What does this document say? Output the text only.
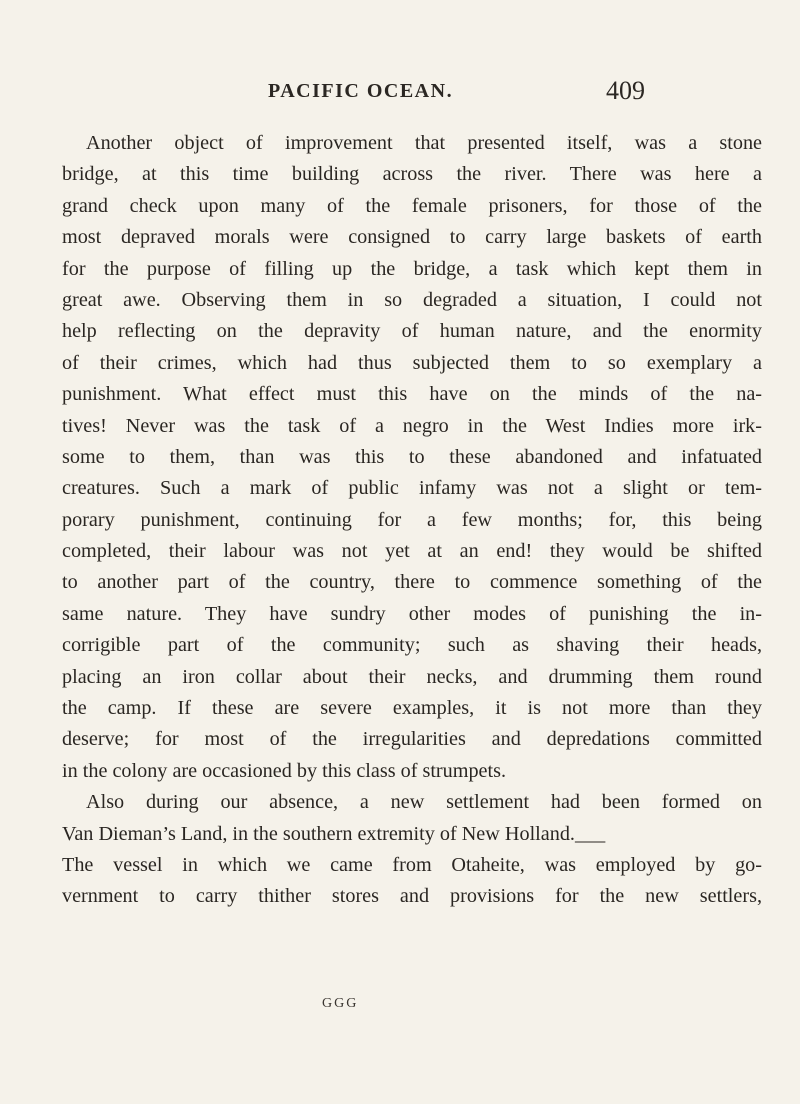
PACIFIC OCEAN.	409
Another object of improvement that presented itself, was a stone
bridge, at this time building across the river. There was here a
grand check upon many of the female prisoners, for those of the
most depraved morals were consigned to carry large baskets of earth
for the purpose of filling up the bridge, a task which kept them in
great awe. Observing them in so degraded a situation, I could not
help reflecting on the depravity of human nature, and the enormity
of their crimes, which had thus subjected them to so exemplary a
punishment. What effect must this have on the minds of the na-
tives! Never was the task of a negro in the West Indies more irk-
some to them, than was this to these abandoned and infatuated
creatures. Such a mark of public infamy was not a slight or tem-
porary punishment, continuing for a few months; for, this being
completed, their labour was not yet at an end! they would be shifted
to another part of the country, there to commence something of the
same nature. They have sundry other modes of punishing the in-
corrigible part of the community; such as shaving their heads,
placing an iron collar about their necks, and drumming them round
the camp. If these are severe examples, it is not more than they
deserve; for most of the irregularities and depredations committed
in the colony are occasioned by this class of strumpets.
Also during our absence, a new settlement had been formed on
Van Dieman’s Land, in the southern extremity of New Holland.___
The vessel in which we came from Otaheite, was employed by go-
vernment to carry thither stores and provisions for the new settlers,
GGG
